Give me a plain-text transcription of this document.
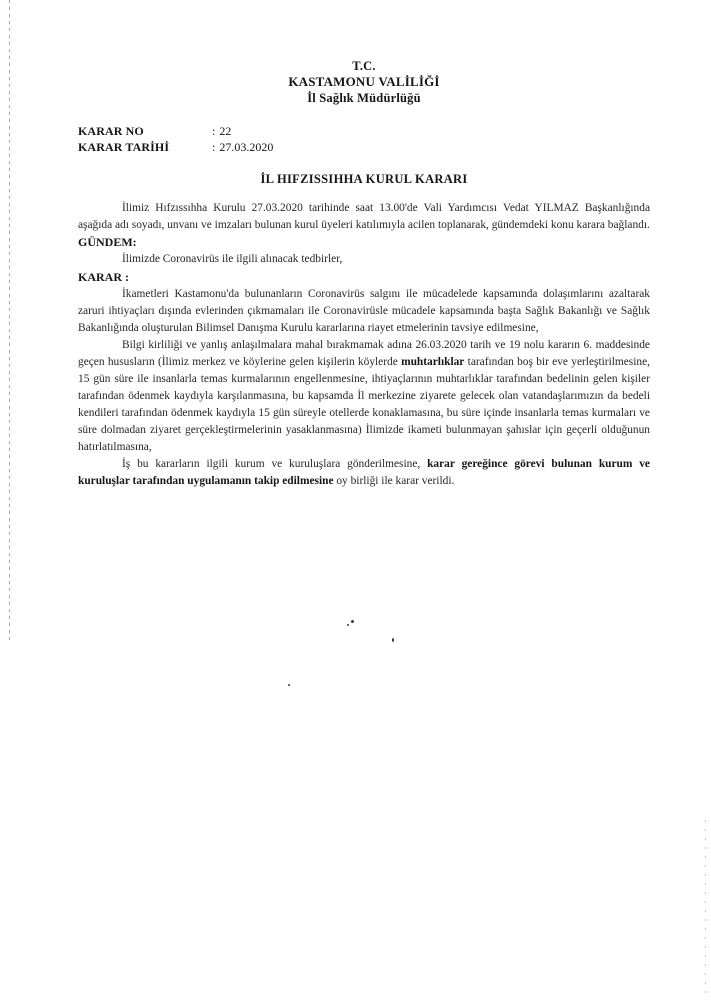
T.C.
KASTAMONU VALİLİĞİ
İl Sağlık Müdürlüğü
KARAR NO	: 22
KARAR TARİHİ	: 27.03.2020
İL HIFZISSIHHA KURUL KARARI

İlimiz Hıfzıssıhha Kurulu 27.03.2020 tarihinde saat 13.00'de Vali Yardımcısı Vedat YILMAZ Başkanlığında aşağıda adı soyadı, unvanı ve imzaları bulunan kurul üyeleri katılımıyla acilen toplanarak, gündemdeki konu karara bağlandı.

GÜNDEM:

İlimizde Coronavirüs ile ilgili alınacak tedbirler,

KARAR :

İkametleri Kastamonu'da bulunanların Coronavirüs salgını ile mücadelede kapsamında dolaşımlarını azaltarak zaruri ihtiyaçları dışında evlerinden çıkmamaları ile Coronavirüsle mücadele kapsamında başta Sağlık Bakanlığı ve Sağlık Bakanlığında oluşturulan Bilimsel Danışma Kurulu kararlarına riayet etmelerinin tavsiye edilmesine,

Bilgi kirliliği ve yanlış anlaşılmalara mahal bırakmamak adına 26.03.2020 tarih ve 19 nolu kararın 6. maddesinde geçen hususların (İlimiz merkez ve köylerine gelen kişilerin köylerde muhtarlıklar tarafından boş bir eve yerleştirilmesine, 15 gün süre ile insanlarla temas kurmalarının engellenmesine, ihtiyaçlarının muhtarlıklar tarafından bedelinin gelen kişiler tarafından ödenmek kaydıyla karşılanmasına, bu kapsamda İl merkezine ziyarete gelecek olan vatandaşlarımızın da bedeli kendileri tarafından ödenmek kaydıyla 15 gün süreyle otellerde konaklamasına, bu süre içinde insanlarla temas kurmaları ve süre dolmadan ziyaret gerçekleştirmelerinin yasaklanmasına) İlimizde ikameti bulunmayan şahıslar için geçerli olduğunun hatırlatılmasına,

İş bu kararların ilgili kurum ve kuruluşlara gönderilmesine, karar gereğince görevi bulunan kurum ve kuruluşlar tarafından uygulamanın takip edilmesine oy birliği ile karar verildi.
